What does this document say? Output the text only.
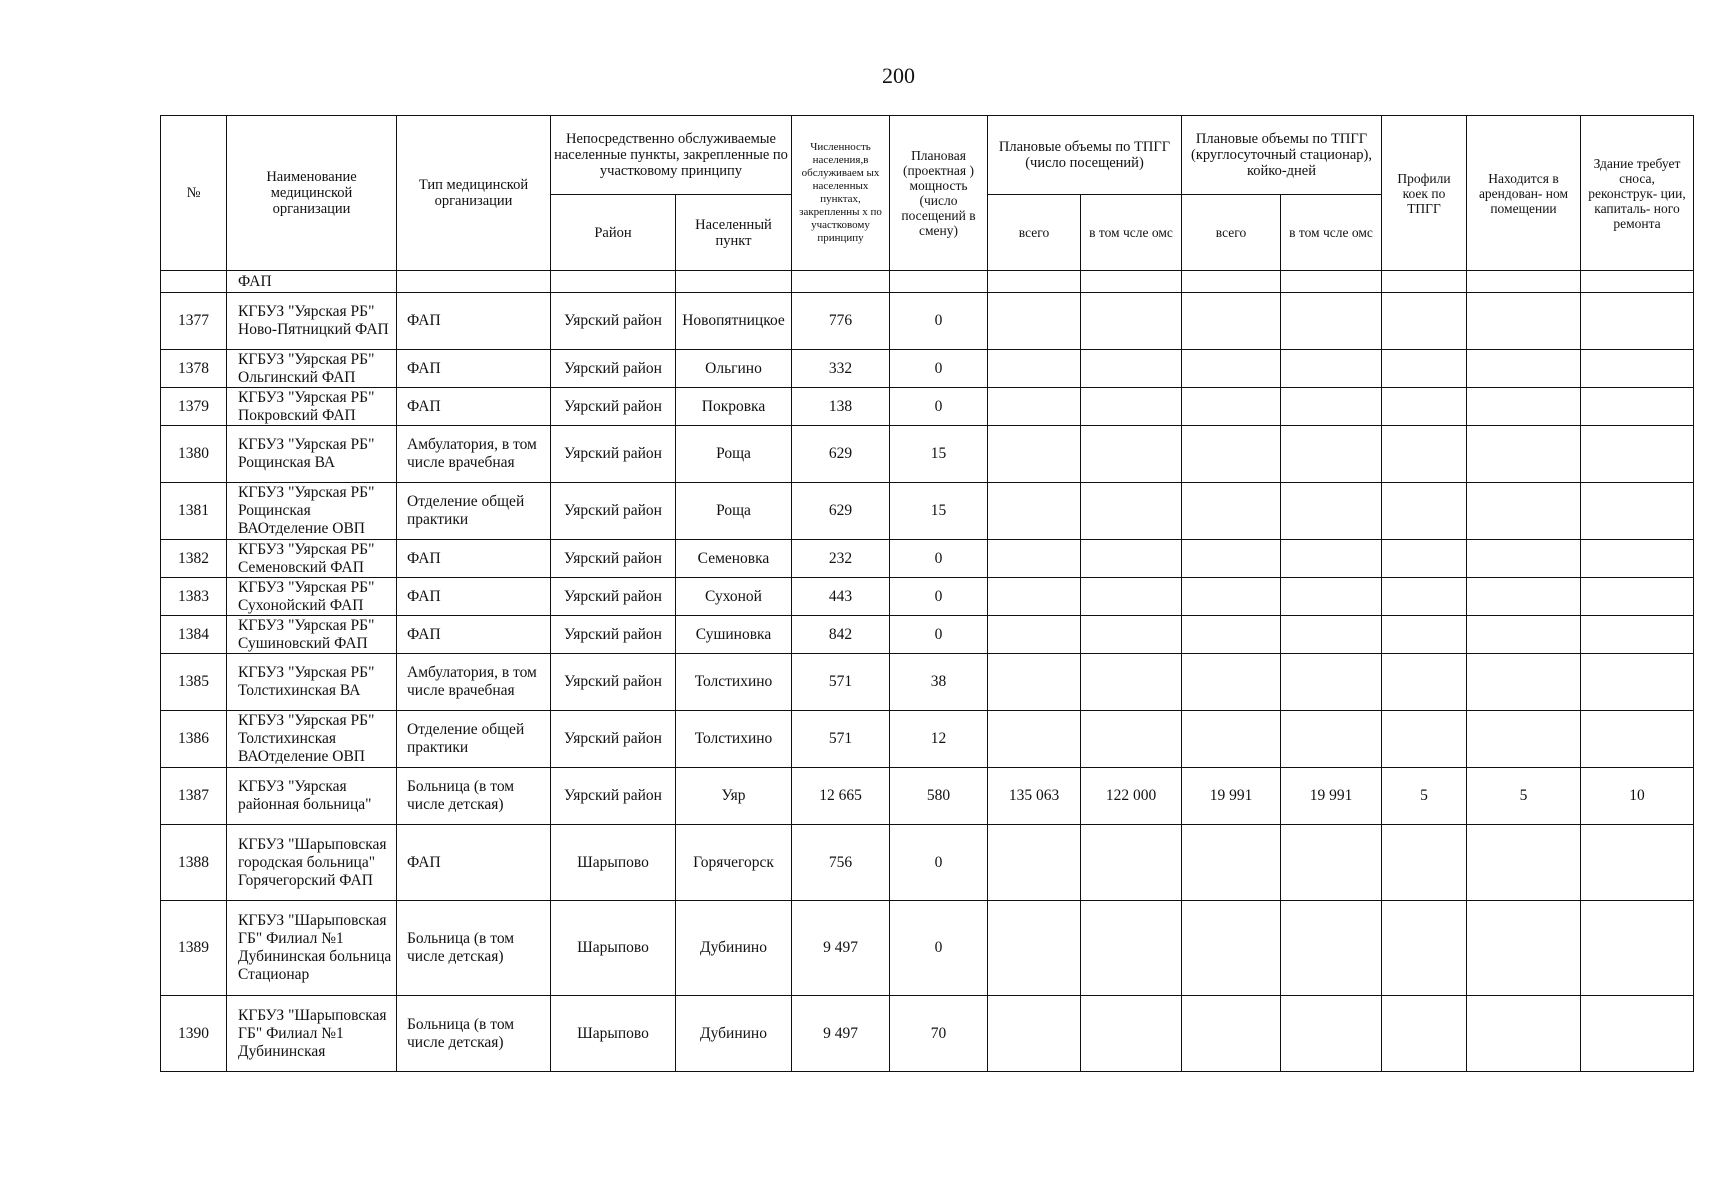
200
№	Наименование медицинской организации	Тип медицинской организации	Непосредственно обслуживаемые населенные пункты, закрепленные по участковому принципу		Численность населения,в обслуживаем ых населенных пунктах, закрепленны х по участковому принципу	Плановая (проектная ) мощность (число посещений в смену)	Плановые объемы по ТПГГ (число посещений)		Плановые объемы по ТПГГ (круглосуточный стационар), койко-дней		Профили коек по ТПГГ	Находится в арендован- ном помещении	Здание требует сноса, реконструк- ции, капиталь- ного ремонта
			Район	Населенный пункт			всего	в том чсле омс	всего	в том чсле омс			
	ФАП												
1377	КГБУЗ "Уярская РБ" Ново-Пятницкий ФАП	ФАП	Уярский район	Новопятницкое	776	0							
1378	КГБУЗ "Уярская РБ" Ольгинский ФАП	ФАП	Уярский район	Ольгино	332	0							
1379	КГБУЗ "Уярская РБ" Покровский ФАП	ФАП	Уярский район	Покровка	138	0							
1380	КГБУЗ "Уярская РБ" Рощинская ВА	Амбулатория, в том числе врачебная	Уярский район	Роща	629	15							
1381	КГБУЗ "Уярская РБ" Рощинская ВАОтделение ОВП	Отделение общей практики	Уярский район	Роща	629	15							
1382	КГБУЗ "Уярская РБ" Семеновский ФАП	ФАП	Уярский район	Семеновка	232	0							
1383	КГБУЗ "Уярская РБ" Сухонойский ФАП	ФАП	Уярский район	Сухоной	443	0							
1384	КГБУЗ "Уярская РБ" Сушиновский ФАП	ФАП	Уярский район	Сушиновка	842	0							
1385	КГБУЗ "Уярская РБ" Толстихинская ВА	Амбулатория, в том числе врачебная	Уярский район	Толстихино	571	38							
1386	КГБУЗ "Уярская РБ" Толстихинская ВАОтделение ОВП	Отделение общей практики	Уярский район	Толстихино	571	12							
1387	КГБУЗ "Уярская районная больница"	Больница (в том числе детская)	Уярский район	Уяр	12 665	580	135 063	122 000	19 991	19 991	5	5	10
1388	КГБУЗ "Шарыповская городская больница" Горячегорский ФАП	ФАП	Шарыпово	Горячегорск	756	0							
1389	КГБУЗ "Шарыповская ГБ" Филиал №1 Дубининская больница Стационар	Больница (в том числе детская)	Шарыпово	Дубинино	9 497	0							
1390	КГБУЗ "Шарыповская ГБ" Филиал №1 Дубининская	Больница (в том числе детская)	Шарыпово	Дубинино	9 497	70							
